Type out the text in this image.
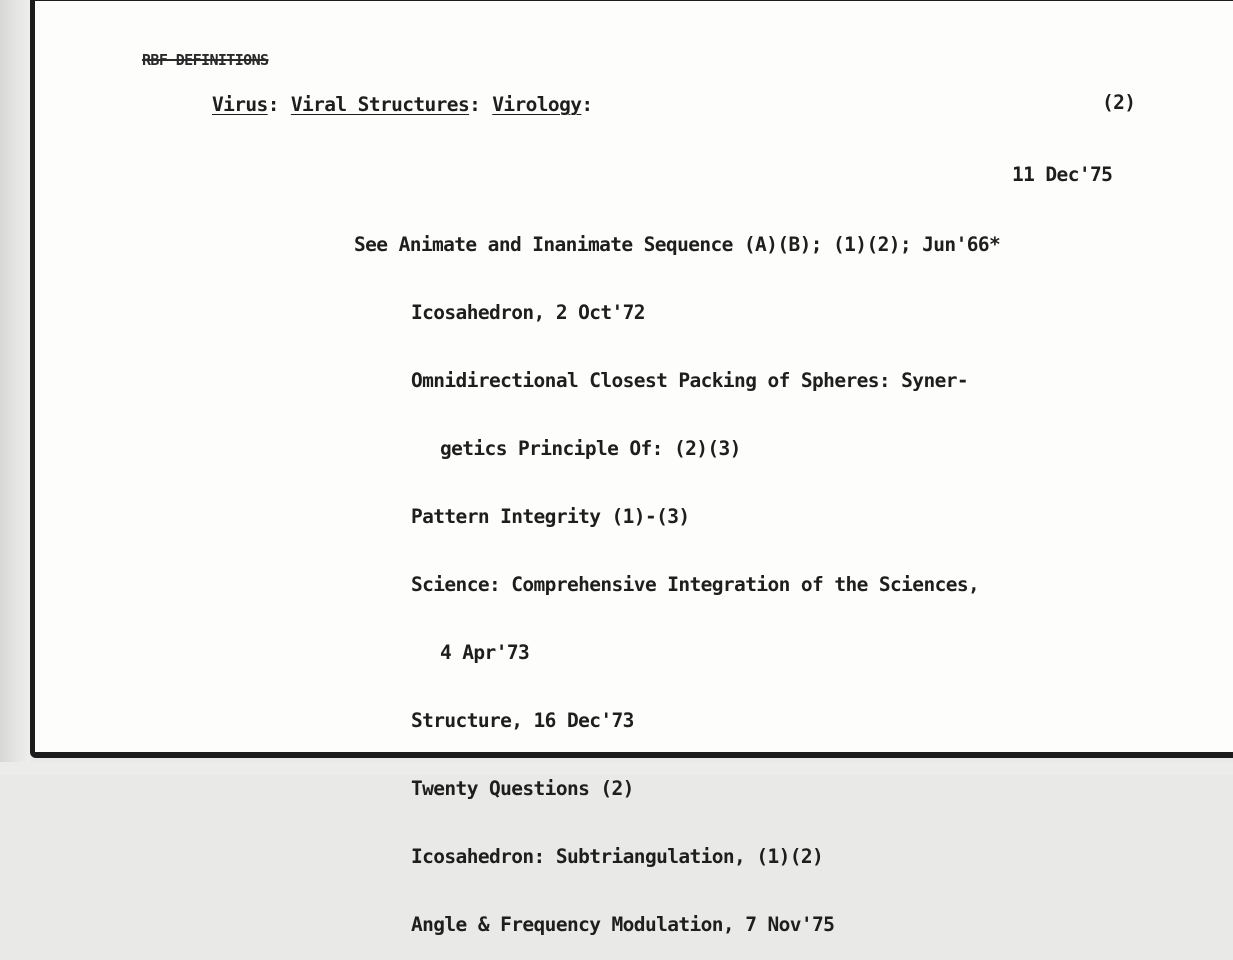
RBF DEFINITIONS
Virus: Viral Structures: Virology:	(2)
11 Dec'75

See Animate and Inanimate Sequence (A)(B); (1)(2); Jun'66*

Icosahedron, 2 Oct'72

Omnidirectional Closest Packing of Spheres: Syner-

getics Principle Of: (2)(3)

Pattern Integrity (1)-(3)

Science: Comprehensive Integration of the Sciences,

4 Apr'73

Structure, 16 Dec'73

Twenty Questions (2)

Icosahedron: Subtriangulation, (1)(2)

Angle & Frequency Modulation, 7 Nov'75
